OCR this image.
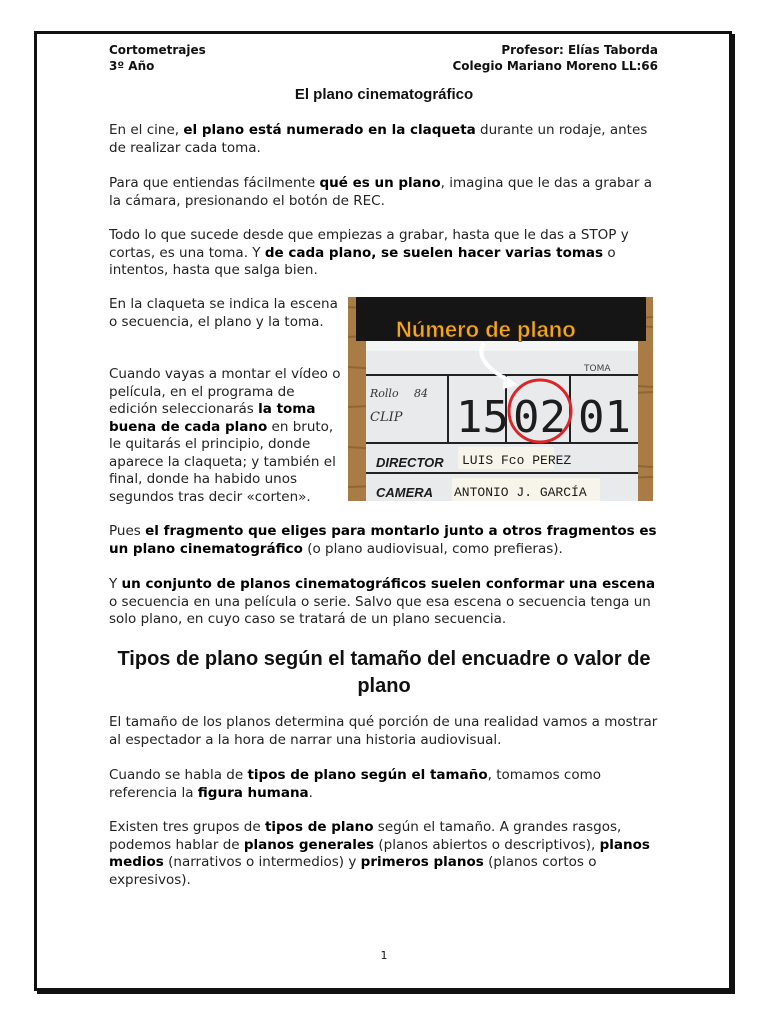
Cortometrajes
3º Año
Profesor: Elías Taborda
Colegio Mariano Moreno LL:66
El plano cinematográfico

En el cine, el plano está numerado en la claqueta durante un rodaje, antes de realizar cada toma.

Para que entiendas fácilmente qué es un plano, imagina que le das a grabar a la cámara, presionando el botón de REC.

Todo lo que sucede desde que empiezas a grabar, hasta que le das a STOP y cortas, es una toma. Y de cada plano, se suelen hacer varias tomas o intentos, hasta que salga bien.

En la claqueta se indica la escena o secuencia, el plano y la toma.

Cuando vayas a montar el vídeo o película, en el programa de edición seleccionarás la toma buena de cada plano en bruto, le quitarás el principio, donde aparece la claqueta; y también el final, donde ha habido unos segundos tras decir «corten».

Número de plano
TOMA
Rollo 84
CLIP 15 02 01
DIRECTOR LUIS Fco PEREZ
CAMERA ANTONIO J. GARCÍA

Pues el fragmento que eliges para montarlo junto a otros fragmentos es un plano cinematográfico (o plano audiovisual, como prefieras).

Y un conjunto de planos cinematográficos suelen conformar una escena o secuencia en una película o serie. Salvo que esa escena o secuencia tenga un solo plano, en cuyo caso se tratará de un plano secuencia.

Tipos de plano según el tamaño del encuadre o valor de plano

El tamaño de los planos determina qué porción de una realidad vamos a mostrar al espectador a la hora de narrar una historia audiovisual.

Cuando se habla de tipos de plano según el tamaño, tomamos como referencia la figura humana.

Existen tres grupos de tipos de plano según el tamaño. A grandes rasgos, podemos hablar de planos generales (planos abiertos o descriptivos), planos medios (narrativos o intermedios) y primeros planos (planos cortos o expresivos).

1
